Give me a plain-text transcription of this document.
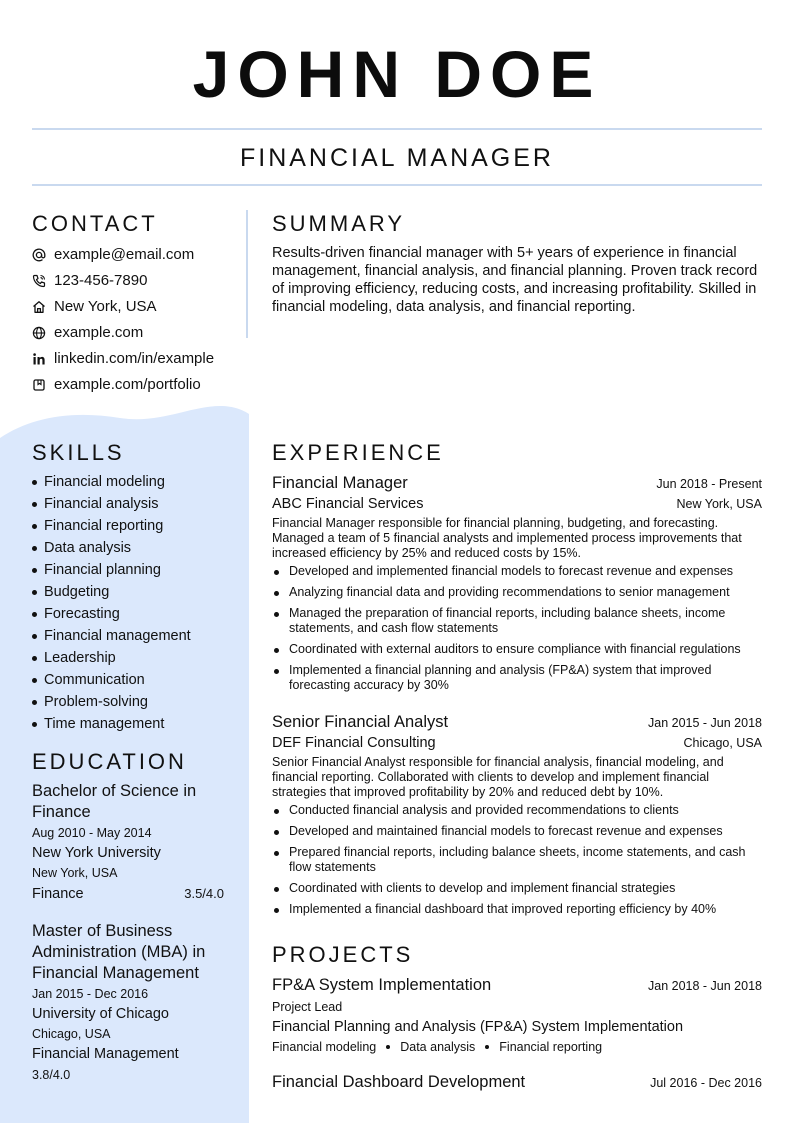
JOHN DOE
FINANCIAL MANAGER
CONTACT
example@email.com
123-456-7890
New York, USA
example.com
linkedin.com/in/example
example.com/portfolio
SUMMARY

Results-driven financial manager with 5+ years of experience in financial management, financial analysis, and financial planning. Proven track record of improving efficiency, reducing costs, and increasing profitability. Skilled in financial modeling, data analysis, and financial reporting.

SKILLS
Financial modeling
Financial analysis
Financial reporting
Data analysis
Financial planning
Budgeting
Forecasting
Financial management
Leadership
Communication
Problem-solving
Time management
EDUCATION
Bachelor of Science in Finance
Aug 2010 - May 2014
New York University
New York, USA
Finance	3.5/4.0
Master of Business Administration (MBA) in Financial Management
Jan 2015 - Dec 2016
University of Chicago
Chicago, USA
Financial Management
3.8/4.0
EXPERIENCE
Financial Manager	Jun 2018 - Present
ABC Financial Services	New York, USA
Financial Manager responsible for financial planning, budgeting, and forecasting. Managed a team of 5 financial analysts and implemented process improvements that increased efficiency by 25% and reduced costs by 15%.
Developed and implemented financial models to forecast revenue and expenses
Analyzing financial data and providing recommendations to senior management
Managed the preparation of financial reports, including balance sheets, income statements, and cash flow statements
Coordinated with external auditors to ensure compliance with financial regulations
Implemented a financial planning and analysis (FP&A) system that improved forecasting accuracy by 30%
Senior Financial Analyst	Jan 2015 - Jun 2018
DEF Financial Consulting	Chicago, USA
Senior Financial Analyst responsible for financial analysis, financial modeling, and financial reporting. Collaborated with clients to develop and implement financial strategies that improved profitability by 20% and reduced debt by 10%.
Conducted financial analysis and provided recommendations to clients
Developed and maintained financial models to forecast revenue and expenses
Prepared financial reports, including balance sheets, income statements, and cash flow statements
Coordinated with clients to develop and implement financial strategies
Implemented a financial dashboard that improved reporting efficiency by 40%
PROJECTS
FP&A System Implementation	Jan 2018 - Jun 2018
Project Lead
Financial Planning and Analysis (FP&A) System Implementation
Financial modeling Data analysis Financial reporting
Financial Dashboard Development	Jul 2016 - Dec 2016
